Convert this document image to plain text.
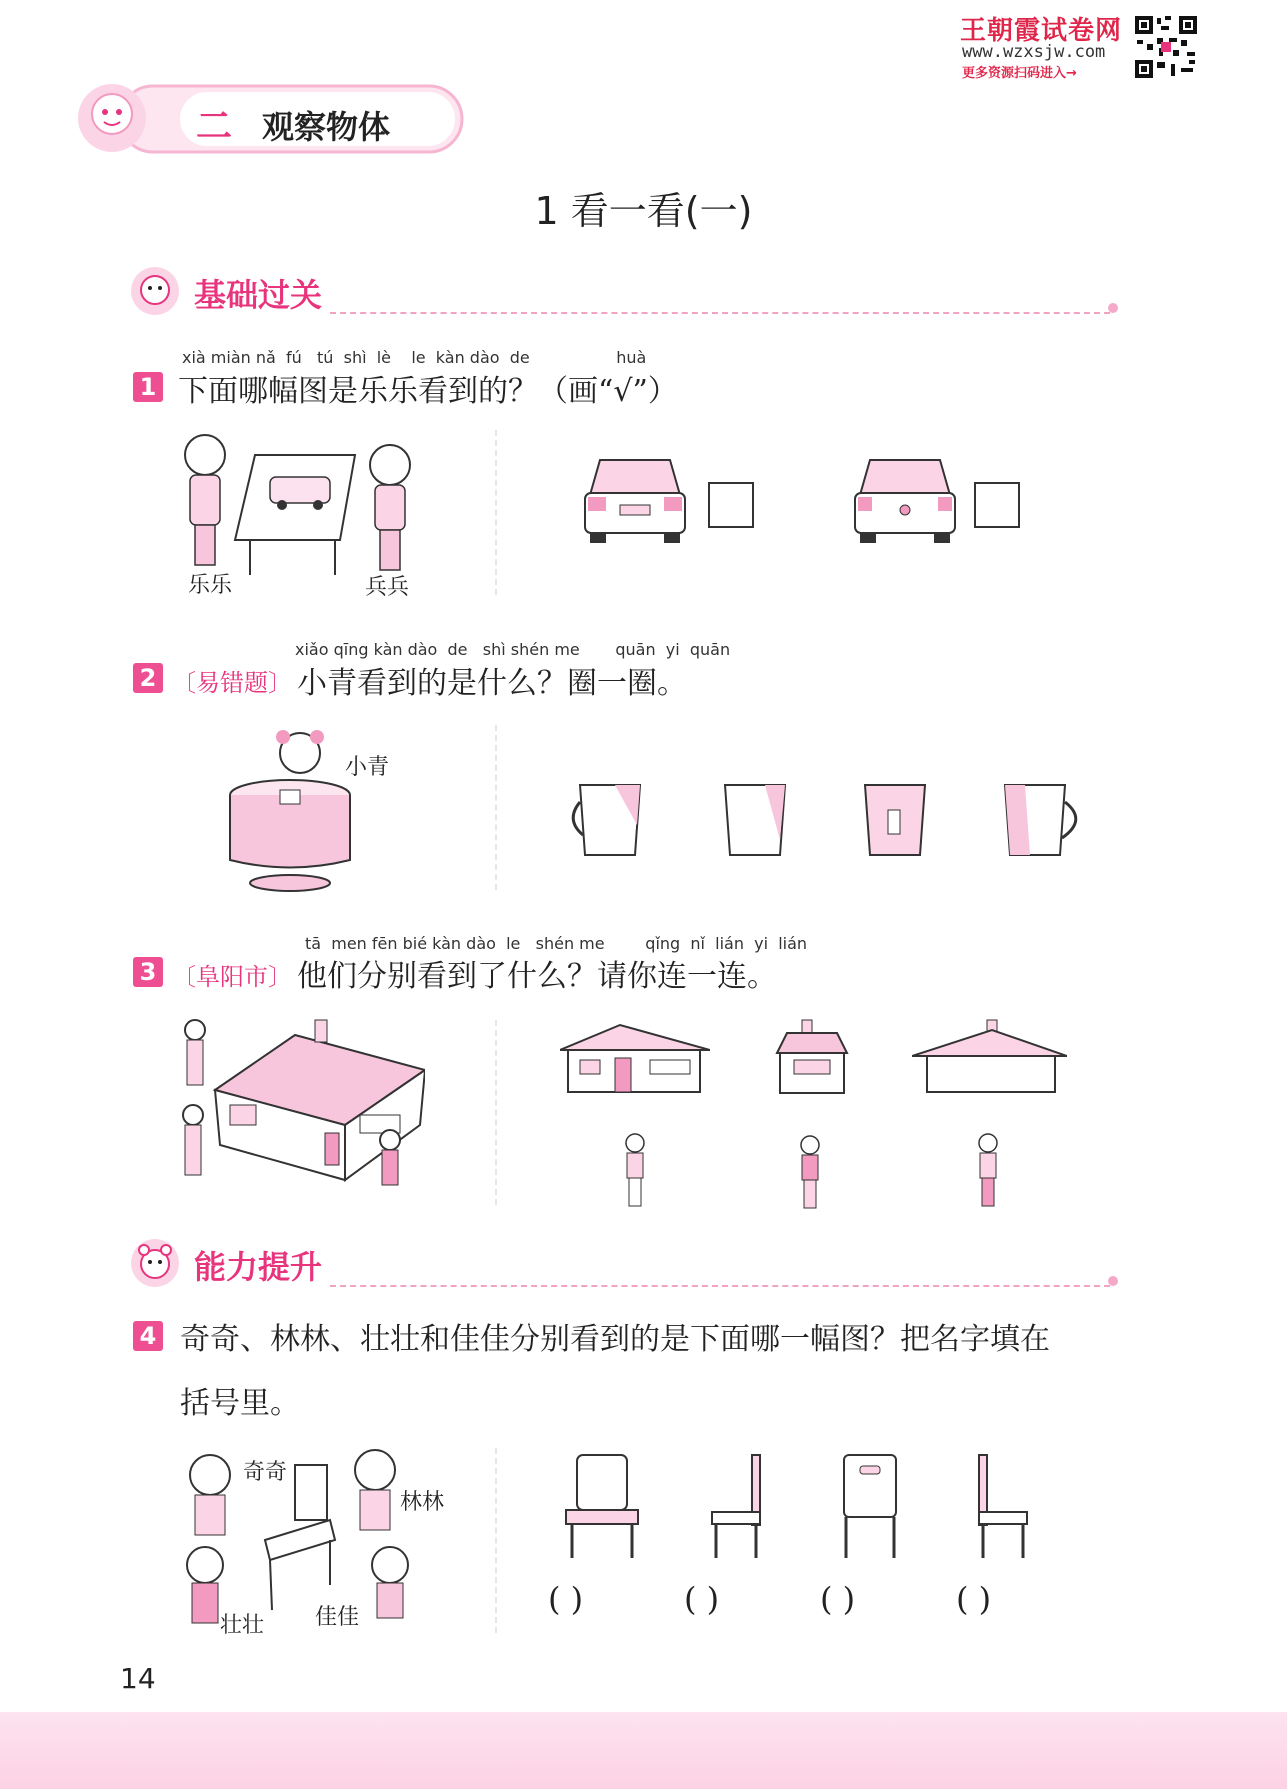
王朝霞试卷网
www.wzxsjw.com
更多资源扫码进入→
二 观察物体
1 看一看(一)
基础过关
xià miàn nǎ  fú   tú  shì  lè    le  kàn dào  de                 huà
1 下面哪幅图是乐乐看到的？（画“√”）
乐乐	兵兵
xiǎo qīng kàn dào  de   shì shén me       quān  yi  quān
2 〔易错题〕 小青看到的是什么？圈一圈。
小青
tā  men fēn bié kàn dào  le   shén me        qǐng  nǐ  lián  yi  lián
3 〔阜阳市〕 他们分别看到了什么？请你连一连。
能力提升
4 奇奇、林林、壮壮和佳佳分别看到的是下面哪一幅图？把名字填在
括号里。
奇奇
林林
壮壮 佳佳	( )	( )	( )	( )
14
